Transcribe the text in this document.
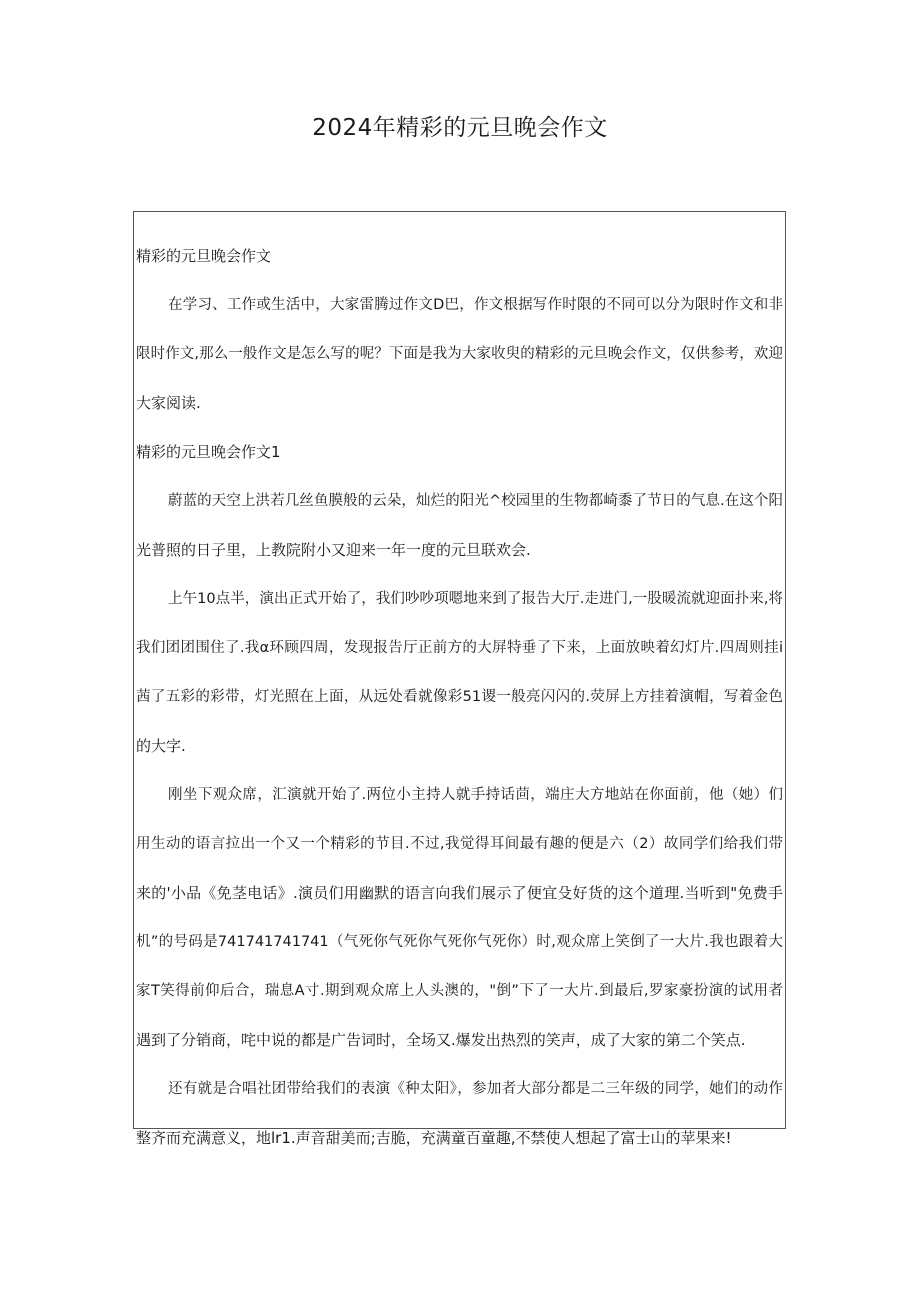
2024年精彩的元旦晚会作文
精彩的元旦晚会作文
在学习、工作或生活中，大家雷腾过作文D巴，作文根据写作时限的不同可以分为限时作文和非
限时作文,那么一般作文是怎么写的呢？下面是我为大家收臾的精彩的元旦晚会作文，仅供参考，欢迎
大家阅读.
精彩的元旦晚会作文1
蔚蓝的天空上洪若几丝鱼膜般的云朵，灿烂的阳光^校园里的生物都崎黍了节日的气息.在这个阳
光普照的日子里，上教院附小又迎来一年一度的元旦联欢会.
上午10点半，演出正式开始了，我们吵吵项嗯地来到了报告大厅.走进门,一股暖流就迎面扑来,将
我们团团围住了.我α环顾四周，发现报告厅正前方的大屏特垂了下来，上面放映着幻灯片.四周则挂i
茜了五彩的彩带，灯光照在上面，从远处看就像彩51谡一般亮闪闪的.荧屏上方挂着演帽，写着金色
的大字.
刚坐下观众席，汇演就开始了.两位小主持人就手持话茴，端庄大方地站在你面前，他（她）们
用生动的语言拉出一个又一个精彩的节目.不过,我觉得耳间最有趣的便是六（2）故同学们给我们带
来的'小品《免茎电话》.演员们用幽默的语言向我们展示了便宜殳好货的这个道理.当听到"免费手
机”的号码是741741741741（气死你气死你气死你气死你）时,观众席上笑倒了一大片.我也跟着大
家T笑得前仰后合，瑞息A寸.期到观众席上人头澳的，"倒”下了一大片.到最后,罗家豪扮演的试用者
遇到了分销商，咤中说的都是广告词时，全场又.爆发出热烈的笑声，成了大家的第二个笑点.
还有就是合唱社团带给我们的表演《种太阳》，参加者大部分都是二三年级的同学，她们的动作
整齐而充满意义，地lr1.声音甜美而;吉脆，充满童百童趣,不禁使人想起了富士山的苹果来!
